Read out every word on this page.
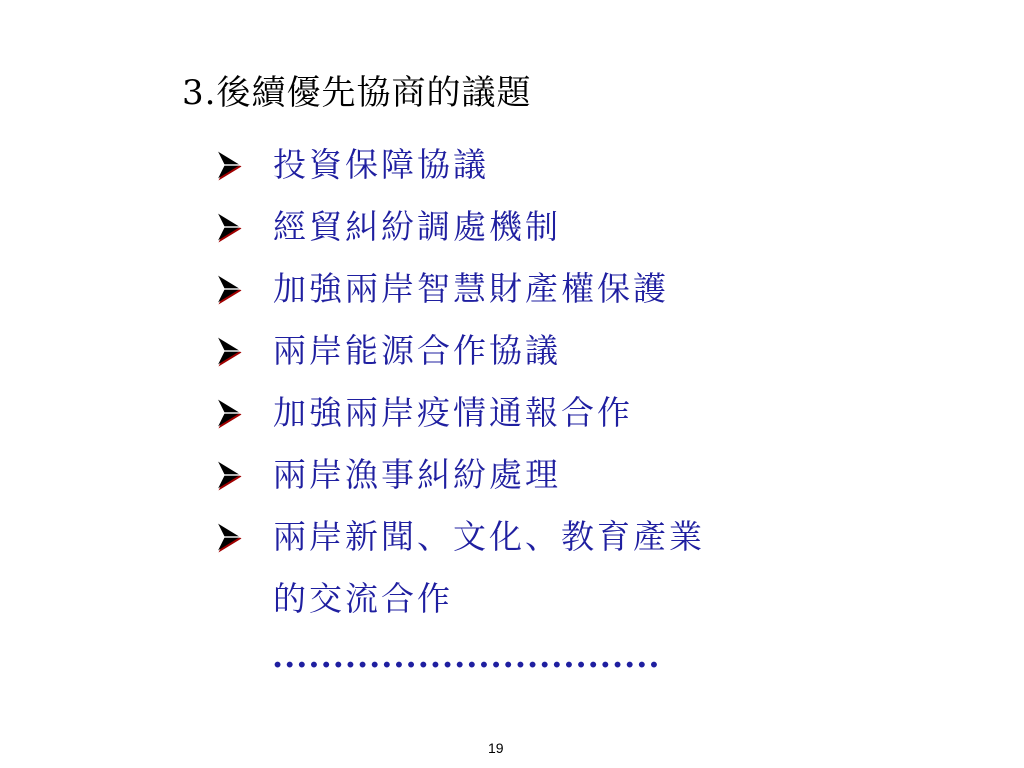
3.後續優先協商的議題
投資保障協議
經貿糾紛調處機制
加強兩岸智慧財產權保護
兩岸能源合作協議
加強兩岸疫情通報合作
兩岸漁事糾紛處理
兩岸新聞、文化、教育產業
的交流合作
................................
19
